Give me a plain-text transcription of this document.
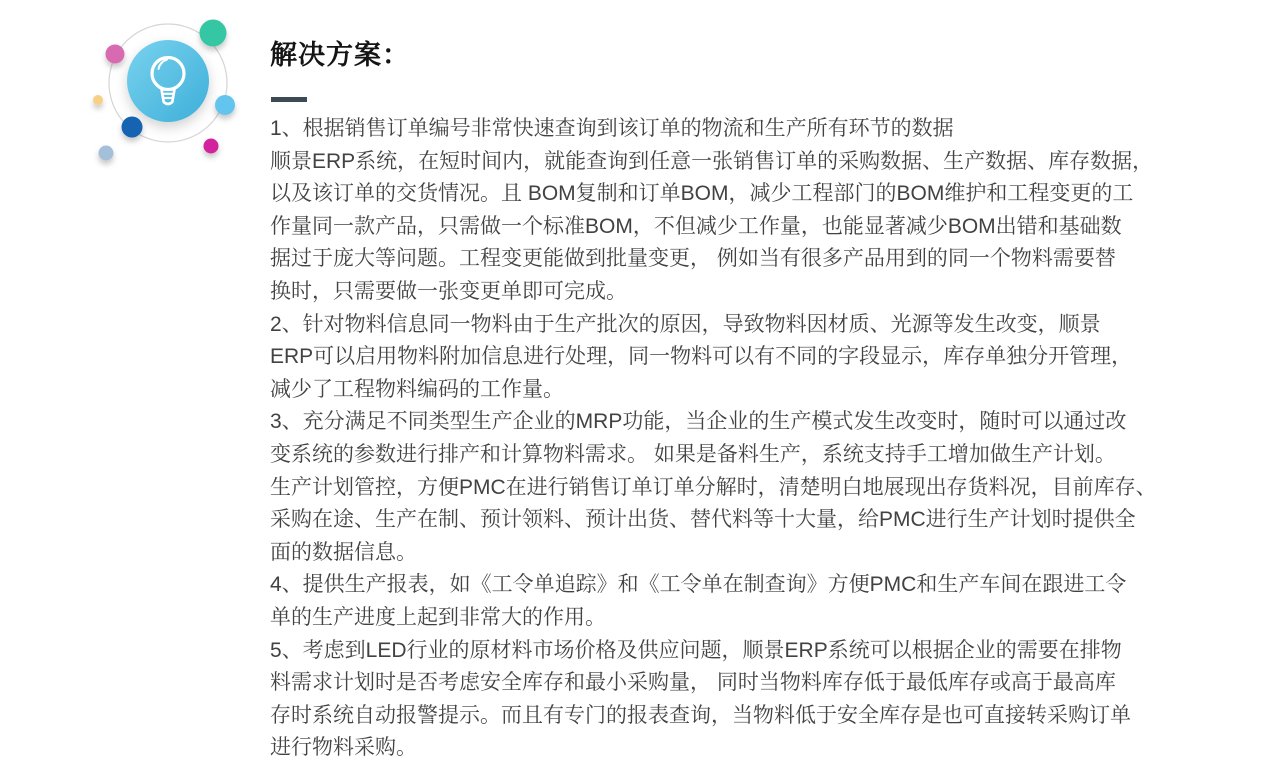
解决方案：
1、根据销售订单编号非常快速查询到该订单的物流和生产所有环节的数据
顺景ERP系统，在短时间内，就能查询到任意一张销售订单的采购数据、生产数据、库存数据，
以及该订单的交货情况。且 BOM复制和订单BOM，减少工程部门的BOM维护和工程变更的工
作量同一款产品，只需做一个标准BOM，不但减少工作量，也能显著减少BOM出错和基础数
据过于庞大等问题。工程变更能做到批量变更， 例如当有很多产品用到的同一个物料需要替
换时，只需要做一张变更单即可完成。
2、针对物料信息同一物料由于生产批次的原因，导致物料因材质、光源等发生改变，顺景
ERP可以启用物料附加信息进行处理，同一物料可以有不同的字段显示，库存单独分开管理，
减少了工程物料编码的工作量。
3、充分满足不同类型生产企业的MRP功能，当企业的生产模式发生改变时，随时可以通过改
变系统的参数进行排产和计算物料需求。 如果是备料生产，系统支持手工增加做生产计划。
生产计划管控，方便PMC在进行销售订单订单分解时，清楚明白地展现出存货料况，目前库存、
采购在途、生产在制、预计领料、预计出货、替代料等十大量，给PMC进行生产计划时提供全
面的数据信息。
4、提供生产报表，如《工令单追踪》和《工令单在制查询》方便PMC和生产车间在跟进工令
单的生产进度上起到非常大的作用。
5、考虑到LED行业的原材料市场价格及供应问题，顺景ERP系统可以根据企业的需要在排物
料需求计划时是否考虑安全库存和最小采购量， 同时当物料库存低于最低库存或高于最高库
存时系统自动报警提示。而且有专门的报表查询，当物料低于安全库存是也可直接转采购订单
进行物料采购。
